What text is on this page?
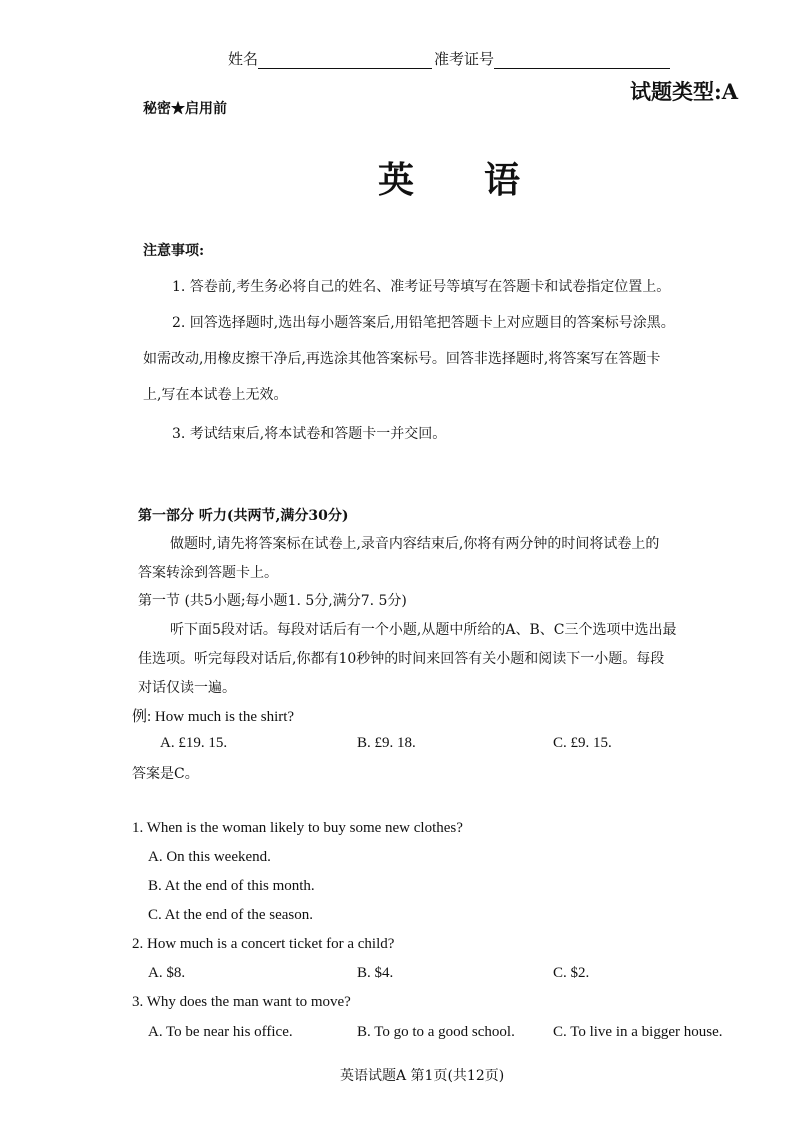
姓名	准考证号
试题类型:A
秘密★启用前
英 语
注意事项:
1. 答卷前,考生务必将自己的姓名、准考证号等填写在答题卡和试卷指定位置上。
2. 回答选择题时,选出每小题答案后,用铅笔把答题卡上对应题目的答案标号涂黑。
如需改动,用橡皮擦干净后,再选涂其他答案标号。回答非选择题时,将答案写在答题卡
上,写在本试卷上无效。
3. 考试结束后,将本试卷和答题卡一并交回。
第一部分 听力(共两节,满分30分)
做题时,请先将答案标在试卷上,录音内容结束后,你将有两分钟的时间将试卷上的
答案转涂到答题卡上。
第一节 (共5小题;每小题1. 5分,满分7. 5分)
听下面5段对话。每段对话后有一个小题,从题中所给的A、B、C三个选项中选出最
佳选项。听完每段对话后,你都有10秒钟的时间来回答有关小题和阅读下一小题。每段
对话仅读一遍。
例: How much is the shirt?
A. £19. 15.	B. £9. 18.	C. £9. 15.
答案是C。
1. When is the woman likely to buy some new clothes?
A. On this weekend.
B. At the end of this month.
C. At the end of the season.
2. How much is a concert ticket for a child?
A. $8.	B. $4.	C. $2.
3. Why does the man want to move?
A. To be near his office.	B. To go to a good school.	C. To live in a bigger house.
英语试题A 第1页(共12页)
